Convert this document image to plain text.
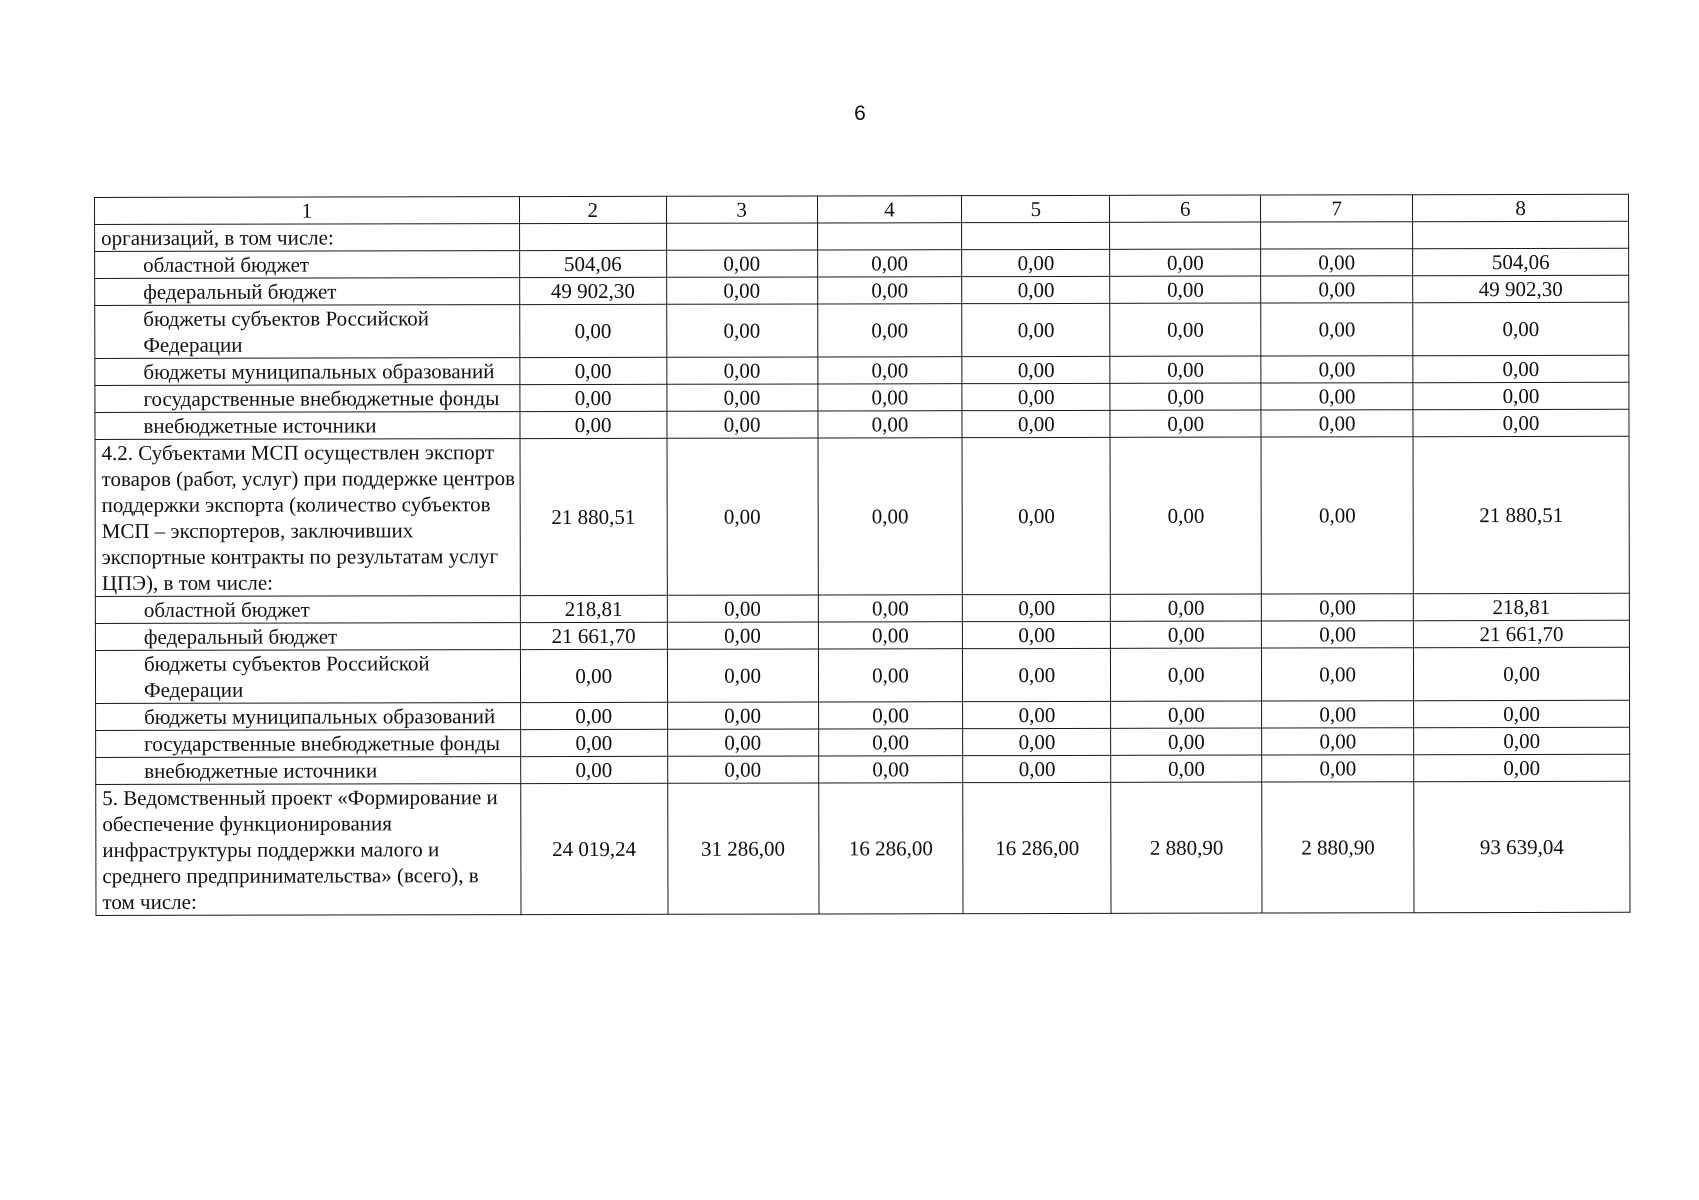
6
1	2	3	4	5	6	7	8
организаций, в том числе:							
областной бюджет	504,06	0,00	0,00	0,00	0,00	0,00	504,06
федеральный бюджет	49 902,30	0,00	0,00	0,00	0,00	0,00	49 902,30
бюджеты субъектов Российской Федерации	0,00	0,00	0,00	0,00	0,00	0,00	0,00
бюджеты муниципальных образований	0,00	0,00	0,00	0,00	0,00	0,00	0,00
государственные внебюджетные фонды	0,00	0,00	0,00	0,00	0,00	0,00	0,00
внебюджетные источники	0,00	0,00	0,00	0,00	0,00	0,00	0,00
4.2. Субъектами МСП осуществлен экспорт товаров (работ, услуг) при поддержке центров поддержки экспорта (количество субъектов МСП – экспортеров, заключивших экспортные контракты по результатам услуг ЦПЭ), в том числе:	21 880,51	0,00	0,00	0,00	0,00	0,00	21 880,51
областной бюджет	218,81	0,00	0,00	0,00	0,00	0,00	218,81
федеральный бюджет	21 661,70	0,00	0,00	0,00	0,00	0,00	21 661,70
бюджеты субъектов Российской Федерации	0,00	0,00	0,00	0,00	0,00	0,00	0,00
бюджеты муниципальных образований	0,00	0,00	0,00	0,00	0,00	0,00	0,00
государственные внебюджетные фонды	0,00	0,00	0,00	0,00	0,00	0,00	0,00
внебюджетные источники	0,00	0,00	0,00	0,00	0,00	0,00	0,00
5. Ведомственный проект «Формирование и обеспечение функционирования инфраструктуры поддержки малого и среднего предпринимательства» (всего), в том числе:	24 019,24	31 286,00	16 286,00	16 286,00	2 880,90	2 880,90	93 639,04
